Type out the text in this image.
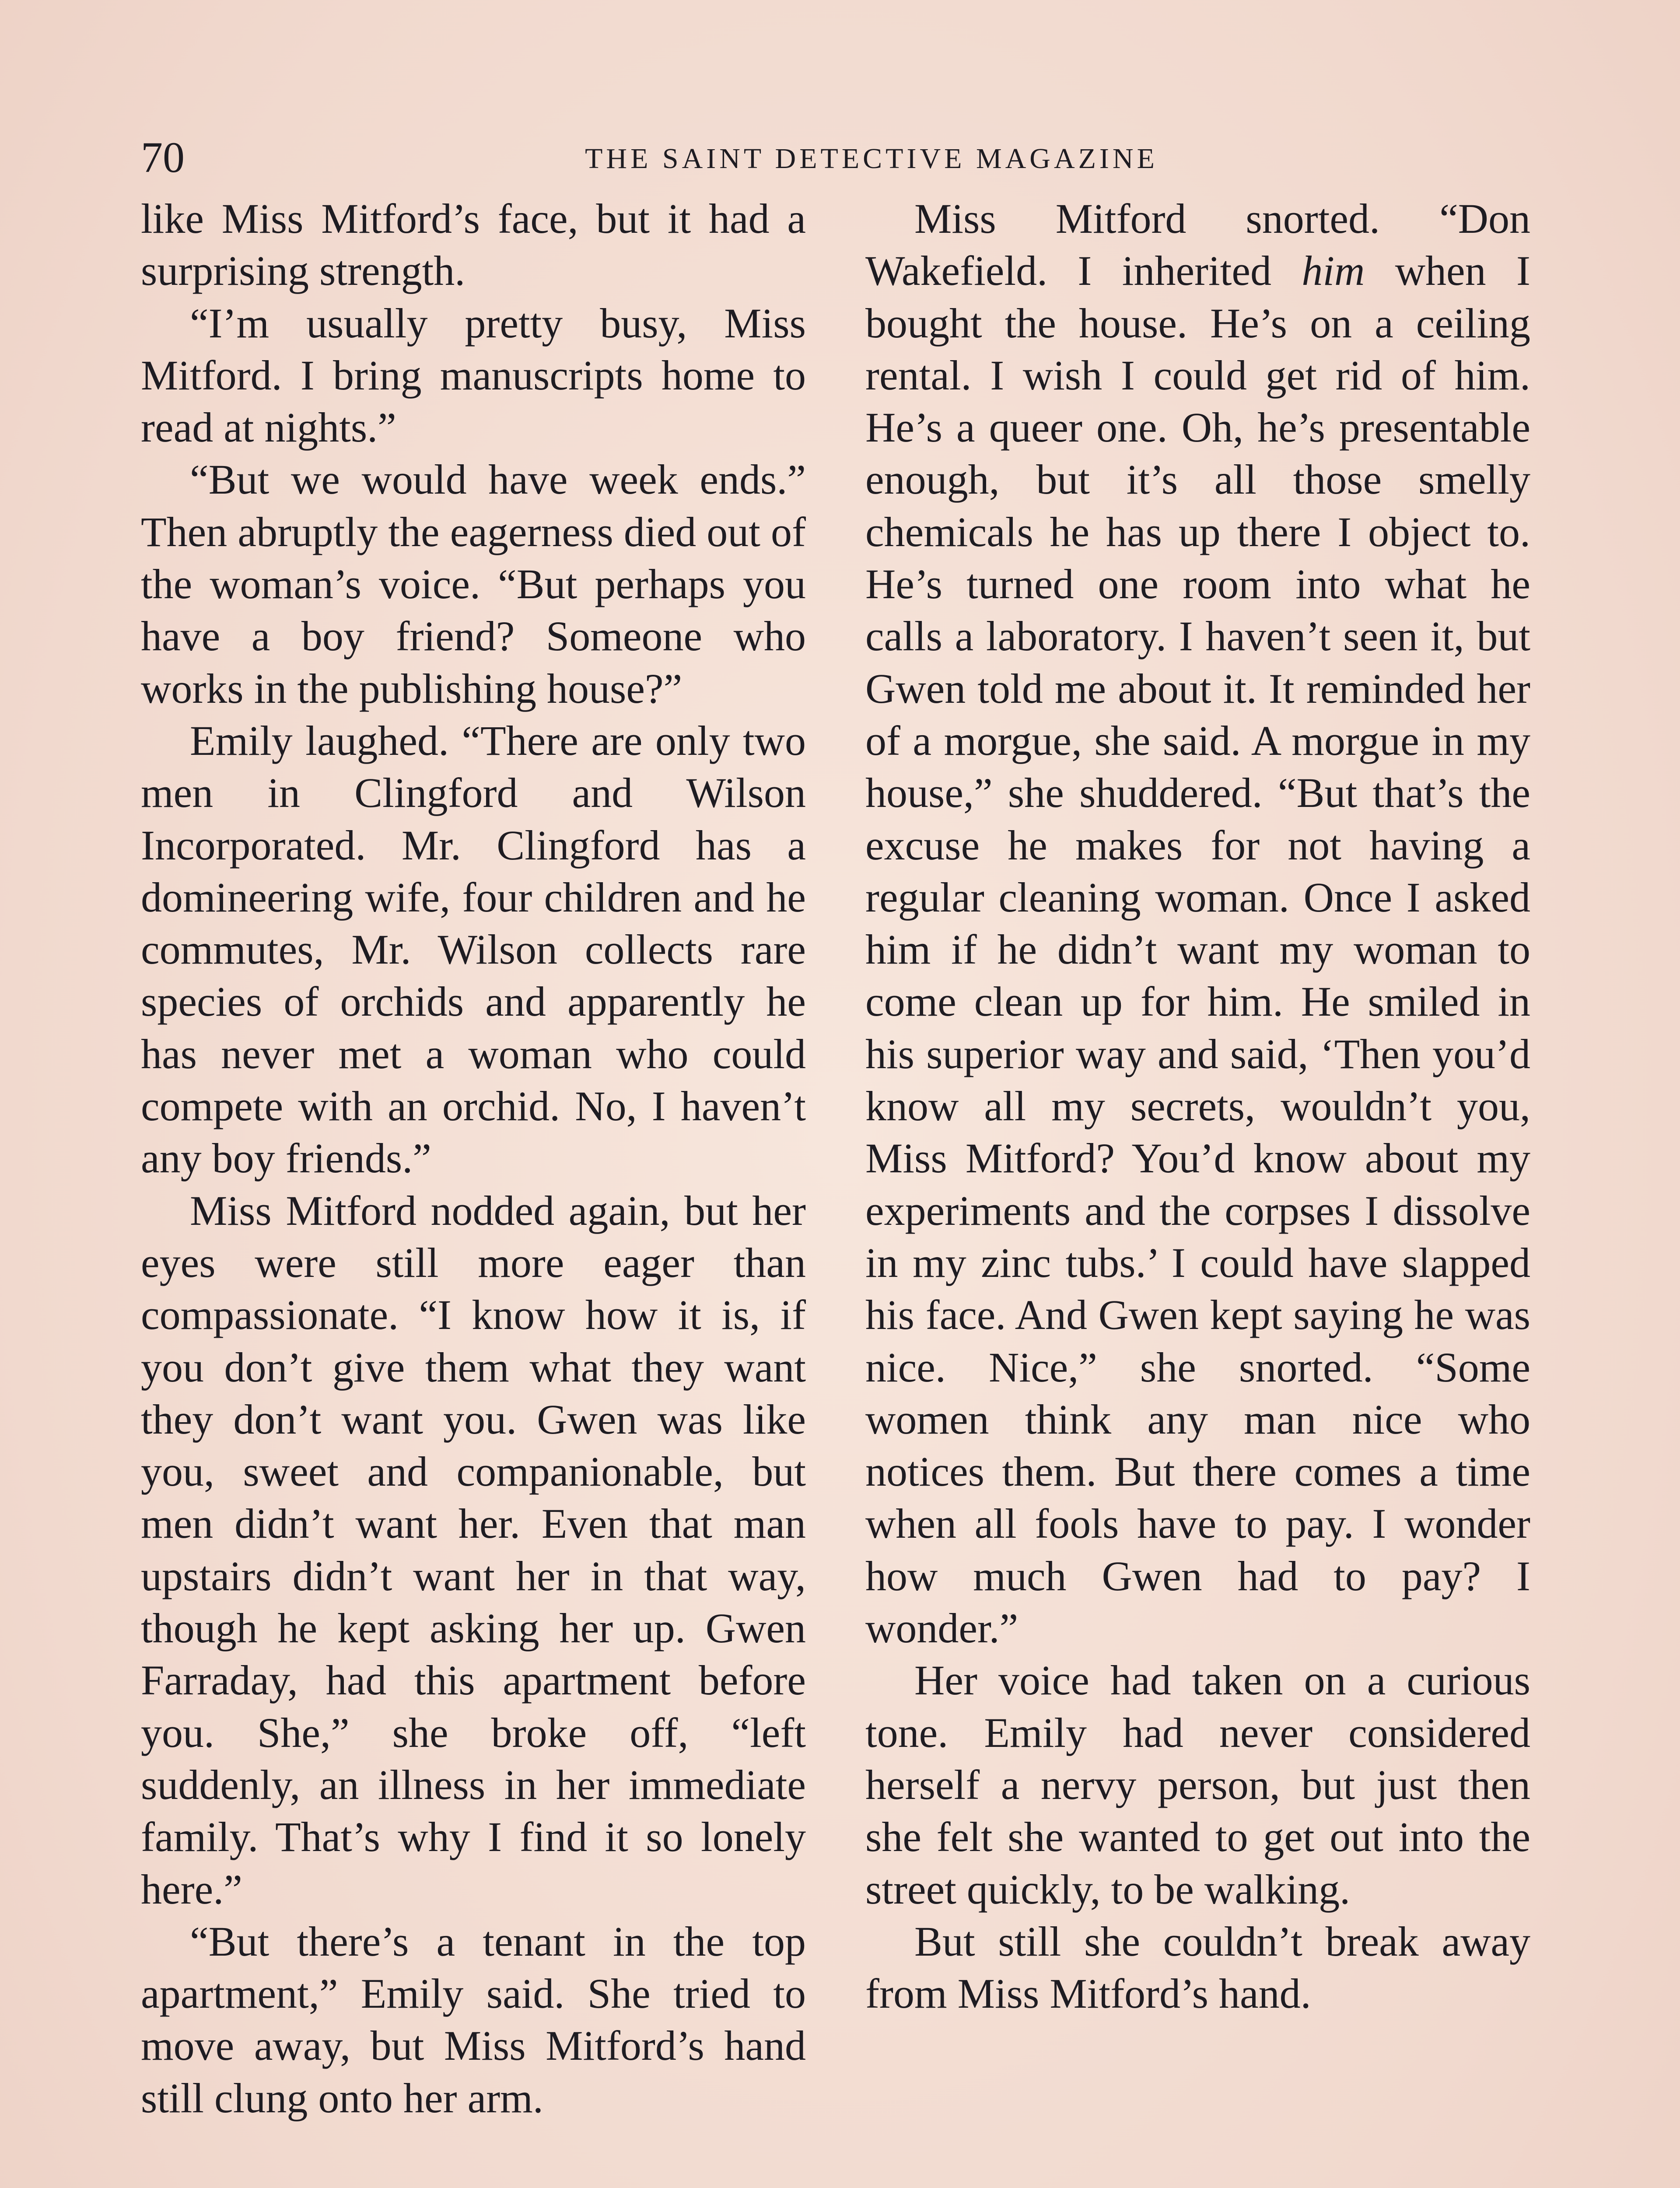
70	THE SAINT DETECTIVE MAGAZINE

like Miss Mitford’s face, but it had a surprising strength.

“I’m usually pretty busy, Miss Mitford. I bring manuscripts home to read at nights.”

“But we would have week ends.” Then abruptly the eagerness died out of the woman’s voice. “But perhaps you have a boy friend? Someone who works in the publishing house?”

Emily laughed. “There are only two men in Clingford and Wilson Incorporated. Mr. Clingford has a domineering wife, four children and he commutes, Mr. Wilson collects rare species of orchids and apparently he has never met a woman who could compete with an orchid. No, I haven’t any boy friends.”

Miss Mitford nodded again, but her eyes were still more eager than compassionate. “I know how it is, if you don’t give them what they want they don’t want you. Gwen was like you, sweet and companionable, but men didn’t want her. Even that man upstairs didn’t want her in that way, though he kept asking her up. Gwen Farraday, had this apartment before you. She,” she broke off, “left suddenly, an illness in her immediate family. That’s why I find it so lonely here.”

“But there’s a tenant in the top apartment,” Emily said. She tried to move away, but Miss Mitford’s hand still clung onto her arm.

Miss Mitford snorted. “Don Wakefield. I inherited him when I bought the house. He’s on a ceiling rental. I wish I could get rid of him. He’s a queer one. Oh, he’s presentable enough, but it’s all those smelly chemicals he has up there I object to. He’s turned one room into what he calls a laboratory. I haven’t seen it, but Gwen told me about it. It reminded her of a morgue, she said. A morgue in my house,” she shuddered. “But that’s the excuse he makes for not having a regular cleaning woman. Once I asked him if he didn’t want my woman to come clean up for him. He smiled in his superior way and said, ‘Then you’d know all my secrets, wouldn’t you, Miss Mitford? You’d know about my experiments and the corpses I dissolve in my zinc tubs.’ I could have slapped his face. And Gwen kept saying he was nice. Nice,” she snorted. “Some women think any man nice who notices them. But there comes a time when all fools have to pay. I wonder how much Gwen had to pay? I wonder.”

Her voice had taken on a curious tone. Emily had never considered herself a nervy person, but just then she felt she wanted to get out into the street quickly, to be walking.

But still she couldn’t break away from Miss Mitford’s hand.
